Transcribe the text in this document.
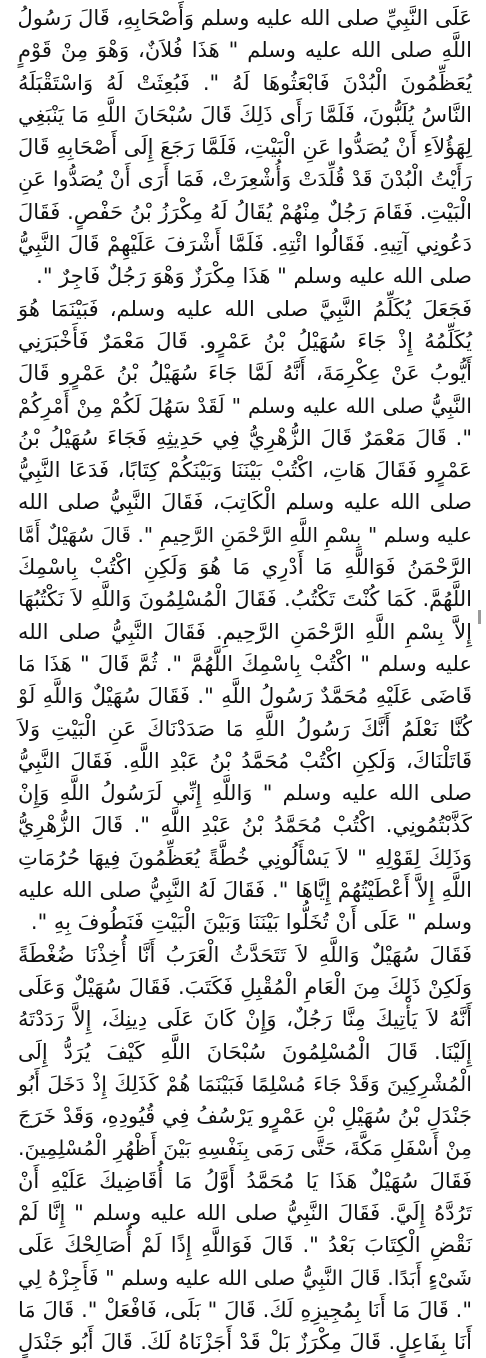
عَلَى النَّبِيِّ صلى الله عليه وسلم وَأَصْحَابِهِ، قَالَ رَسُولُ
اللَّهِ صلى الله عليه وسلم " هَذَا فُلاَنٌ، وَهْوَ مِنْ قَوْمٍ
يُعَظِّمُونَ الْبُدْنَ فَابْعَثُوهَا لَهُ ". فَبُعِثَتْ لَهُ وَاسْتَقْبَلَهُ
النَّاسُ يُلَبُّونَ، فَلَمَّا رَأَى ذَلِكَ قَالَ سُبْحَانَ اللَّهِ مَا يَنْبَغِي
لِهَؤُلاَءِ أَنْ يُصَدُّوا عَنِ الْبَيْتِ، فَلَمَّا رَجَعَ إِلَى أَصْحَابِهِ قَالَ
رَأَيْتُ الْبُدْنَ قَدْ قُلِّدَتْ وَأُشْعِرَتْ، فَمَا أَرَى أَنْ يُصَدُّوا عَنِ
الْبَيْتِ. فَقَامَ رَجُلٌ مِنْهُمْ يُقَالُ لَهُ مِكْرَزُ بْنُ حَفْصٍ. فَقَالَ
دَعُونِي آتِيهِ. فَقَالُوا ائْتِهِ. فَلَمَّا أَشْرَفَ عَلَيْهِمْ قَالَ النَّبِيُّ
صلى الله عليه وسلم " هَذَا مِكْرَزٌ وَهْوَ رَجُلٌ فَاجِرٌ ".
فَجَعَلَ يُكَلِّمُ النَّبِيَّ صلى الله عليه وسلم، فَبَيْنَمَا هُوَ
يُكَلِّمُهُ إِذْ جَاءَ سُهَيْلُ بْنُ عَمْرٍو. قَالَ مَعْمَرٌ فَأَخْبَرَنِي
أَيُّوبُ عَنْ عِكْرِمَةَ، أَنَّهُ لَمَّا جَاءَ سُهَيْلُ بْنُ عَمْرٍو قَالَ
النَّبِيُّ صلى الله عليه وسلم " لَقَدْ سَهُلَ لَكُمْ مِنْ أَمْرِكُمْ
". قَالَ مَعْمَرٌ قَالَ الزُّهْرِيُّ فِي حَدِيثِهِ فَجَاءَ سُهَيْلُ بْنُ
عَمْرٍو فَقَالَ هَاتِ، اكْتُبْ بَيْنَنَا وَبَيْنَكُمْ كِتَابًا، فَدَعَا النَّبِيُّ
صلى الله عليه وسلم الْكَاتِبَ، فَقَالَ النَّبِيُّ صلى الله
عليه وسلم " بِسْمِ اللَّهِ الرَّحْمَنِ الرَّحِيمِ ". قَالَ سُهَيْلٌ أَمَّا
الرَّحْمَنُ فَوَاللَّهِ مَا أَدْرِي مَا هُوَ وَلَكِنِ اكْتُبْ بِاسْمِكَ
اللَّهُمَّ. كَمَا كُنْتَ تَكْتُبُ. فَقَالَ الْمُسْلِمُونَ وَاللَّهِ لاَ نَكْتُبُهَا
إِلاَّ بِسْمِ اللَّهِ الرَّحْمَنِ الرَّحِيمِ. فَقَالَ النَّبِيُّ صلى الله
عليه وسلم " اكْتُبْ بِاسْمِكَ اللَّهُمَّ ". ثُمَّ قَالَ " هَذَا مَا
قَاضَى عَلَيْهِ مُحَمَّدٌ رَسُولُ اللَّهِ ". فَقَالَ سُهَيْلٌ وَاللَّهِ لَوْ
كُنَّا نَعْلَمُ أَنَّكَ رَسُولُ اللَّهِ مَا صَدَدْنَاكَ عَنِ الْبَيْتِ وَلاَ
قَاتَلْنَاكَ، وَلَكِنِ اكْتُبْ مُحَمَّدُ بْنُ عَبْدِ اللَّهِ. فَقَالَ النَّبِيُّ
صلى الله عليه وسلم " وَاللَّهِ إِنِّي لَرَسُولُ اللَّهِ وَإِنْ
كَذَّبْتُمُونِي. اكْتُبْ مُحَمَّدُ بْنُ عَبْدِ اللَّهِ ". قَالَ الزُّهْرِيُّ
وَذَلِكَ لِقَوْلِهِ " لاَ يَسْأَلُونِي خُطَّةً يُعَظِّمُونَ فِيهَا حُرُمَاتِ
اللَّهِ إِلاَّ أَعْطَيْتُهُمْ إِيَّاهَا ". فَقَالَ لَهُ النَّبِيُّ صلى الله عليه
وسلم " عَلَى أَنْ تُخَلُّوا بَيْنَنَا وَبَيْنَ الْبَيْتِ فَنَطُوفَ بِهِ ".
فَقَالَ سُهَيْلٌ وَاللَّهِ لاَ تَتَحَدَّثُ الْعَرَبُ أَنَّا أُخِذْنَا ضُغْطَةً
وَلَكِنْ ذَلِكَ مِنَ الْعَامِ الْمُقْبِلِ فَكَتَبَ. فَقَالَ سُهَيْلٌ وَعَلَى
أَنَّهُ لاَ يَأْتِيكَ مِنَّا رَجُلٌ، وَإِنْ كَانَ عَلَى دِينِكَ، إِلاَّ رَدَدْتَهُ
إِلَيْنَا. قَالَ الْمُسْلِمُونَ سُبْحَانَ اللَّهِ كَيْفَ يُرَدُّ إِلَى
الْمُشْرِكِينَ وَقَدْ جَاءَ مُسْلِمًا فَبَيْنَمَا هُمْ كَذَلِكَ إِذْ دَخَلَ أَبُو
جَنْدَلِ بْنُ سُهَيْلِ بْنِ عَمْرٍو يَرْسُفُ فِي قُيُودِهِ، وَقَدْ خَرَجَ
مِنْ أَسْفَلِ مَكَّةَ، حَتَّى رَمَى بِنَفْسِهِ بَيْنَ أَظْهُرِ الْمُسْلِمِينَ.
فَقَالَ سُهَيْلٌ هَذَا يَا مُحَمَّدُ أَوَّلُ مَا أُقَاضِيكَ عَلَيْهِ أَنْ
تَرُدَّهُ إِلَيَّ. فَقَالَ النَّبِيُّ صلى الله عليه وسلم " إِنَّا لَمْ
نَقْضِ الْكِتَابَ بَعْدُ ". قَالَ فَوَاللَّهِ إِذًا لَمْ أُصَالِحْكَ عَلَى
شَىْءٍ أَبَدًا. قَالَ النَّبِيُّ صلى الله عليه وسلم " فَأَجِزْهُ لِي
". قَالَ مَا أَنَا بِمُجِيزِهِ لَكَ. قَالَ " بَلَى، فَافْعَلْ ". قَالَ مَا
أَنَا بِفَاعِلٍ. قَالَ مِكْرَزٌ بَلْ قَدْ أَجَزْنَاهُ لَكَ. قَالَ أَبُو جَنْدَلٍ
